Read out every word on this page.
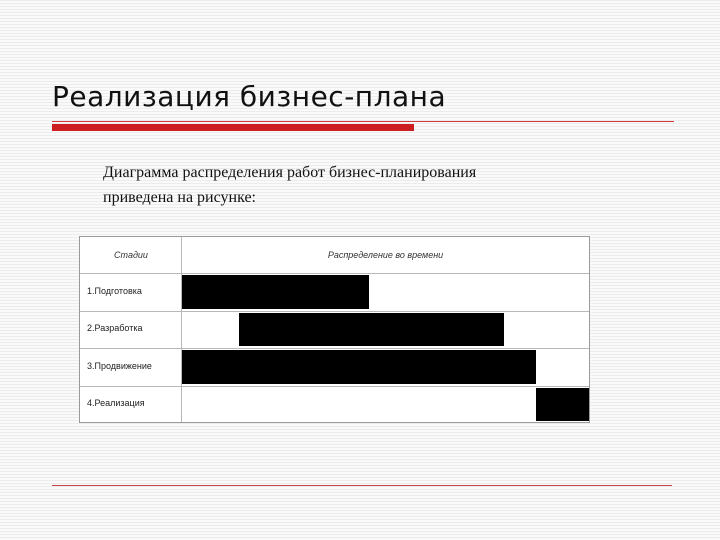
Реализация бизнес-плана
Диаграмма распределения работ бизнес-планирования
приведена на рисунке:
Стадии	Распределение во времени
1.Подготовка
2.Разработка
3.Продвижение
4.Реализация
